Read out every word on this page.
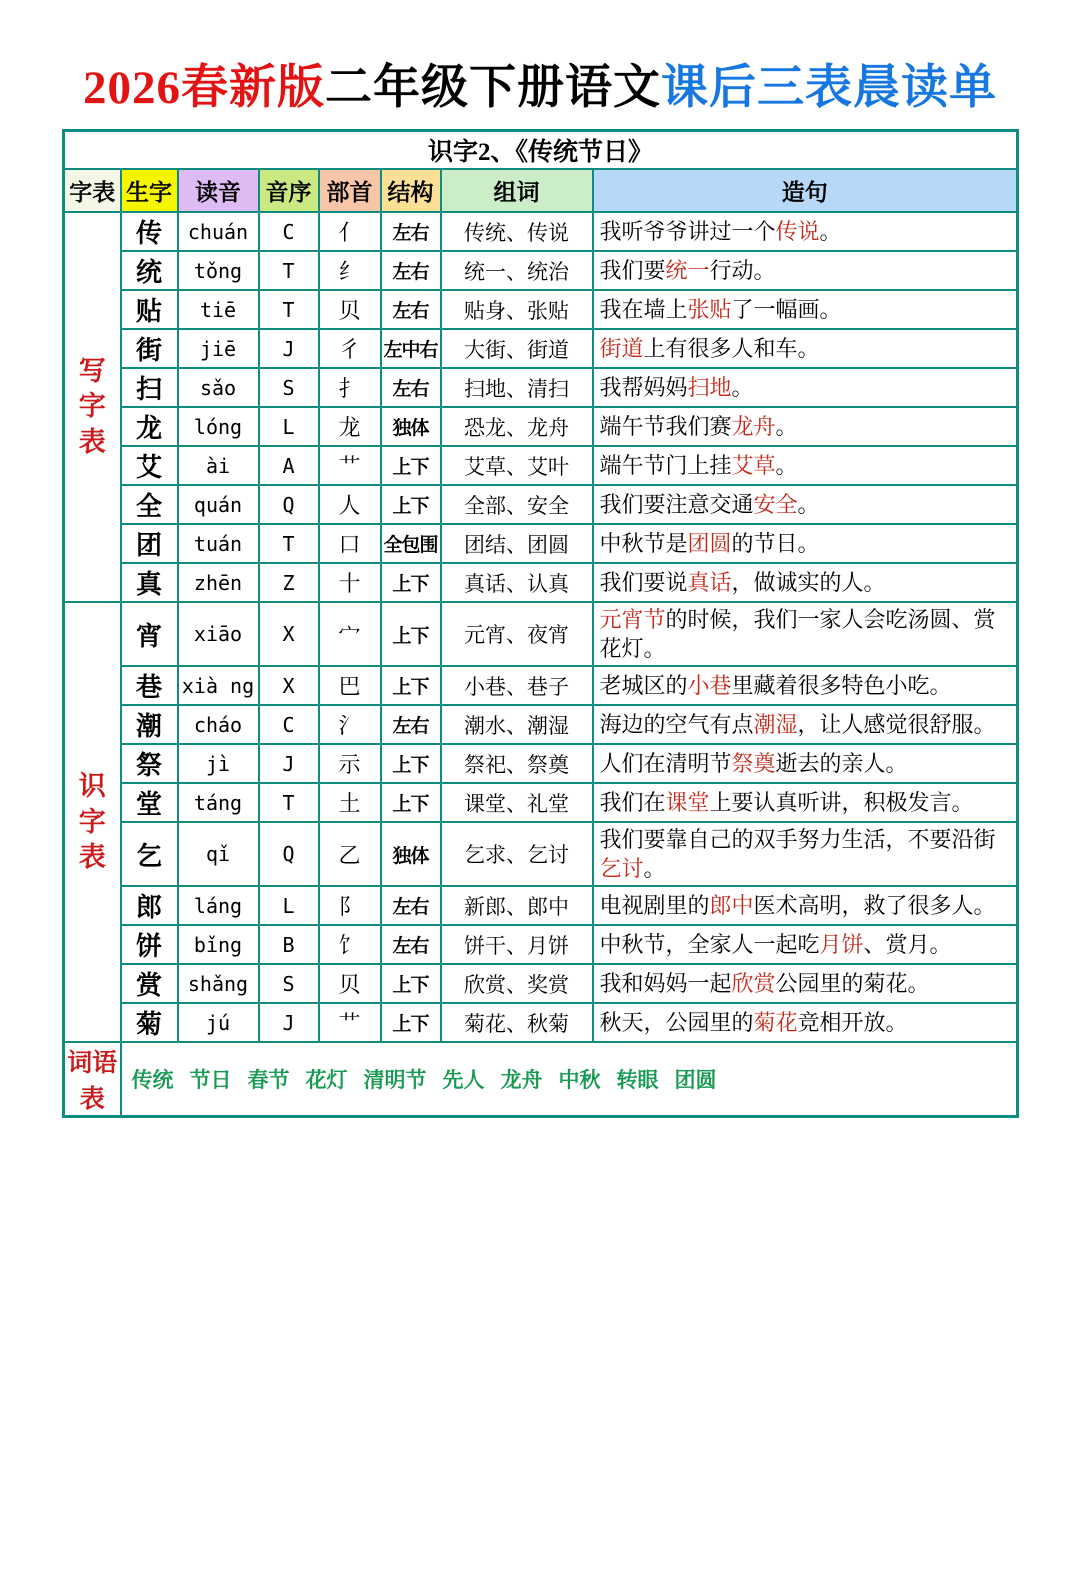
2026春新版二年级下册语文课后三表晨读单
识字2、《传统节日》							
字表	生字	读音	音序	部首	结构	组词	造句

写
字
表	传	chuán	C	亻	左右	传统、传说	我听爷爷讲过一个传说。
	统	tǒng	T	纟	左右	统一、统治	我们要统一行动。
	贴	tiē	T	贝	左右	贴身、张贴	我在墙上张贴了一幅画。
	街	jiē	J	彳	左中右	大街、街道	街道上有很多人和车。
	扫	sǎo	S	扌	左右	扫地、清扫	我帮妈妈扫地。
	龙	lóng	L	龙	独体	恐龙、龙舟	端午节我们赛龙舟。
	艾	ài	A	艹	上下	艾草、艾叶	端午节门上挂艾草。
	全	quán	Q	人	上下	全部、安全	我们要注意交通安全。
	团	tuán	T	口	全包围	团结、团圆	中秋节是团圆的节日。
	真	zhēn	Z	十	上下	真话、认真	我们要说真话，做诚实的人。

识
字
表	宵	xiāo	X	宀	上下	元宵、夜宵	元宵节的时候，我们一家人会吃汤圆、赏花灯。
	巷	xià ng	X	巴	上下	小巷、巷子	老城区的小巷里藏着很多特色小吃。
	潮	cháo	C	氵	左右	潮水、潮湿	海边的空气有点潮湿，让人感觉很舒服。
	祭	jì	J	示	上下	祭祀、祭奠	人们在清明节祭奠逝去的亲人。
	堂	táng	T	土	上下	课堂、礼堂	我们在课堂上要认真听讲，积极发言。
	乞	qǐ	Q	乙	独体	乞求、乞讨	我们要靠自己的双手努力生活，不要沿街乞讨。
	郎	láng	L	阝	左右	新郎、郎中	电视剧里的郎中医术高明，救了很多人。
	饼	bǐng	B	饣	左右	饼干、月饼	中秋节，全家人一起吃月饼、赏月。
	赏	shǎng	S	贝	上下	欣赏、奖赏	我和妈妈一起欣赏公园里的菊花。
	菊	jú	J	艹	上下	菊花、秋菊	秋天，公园里的菊花竞相开放。
词语表	传统 节日 春节 花灯 清明节 先人 龙舟 中秋 转眼 团圆						
